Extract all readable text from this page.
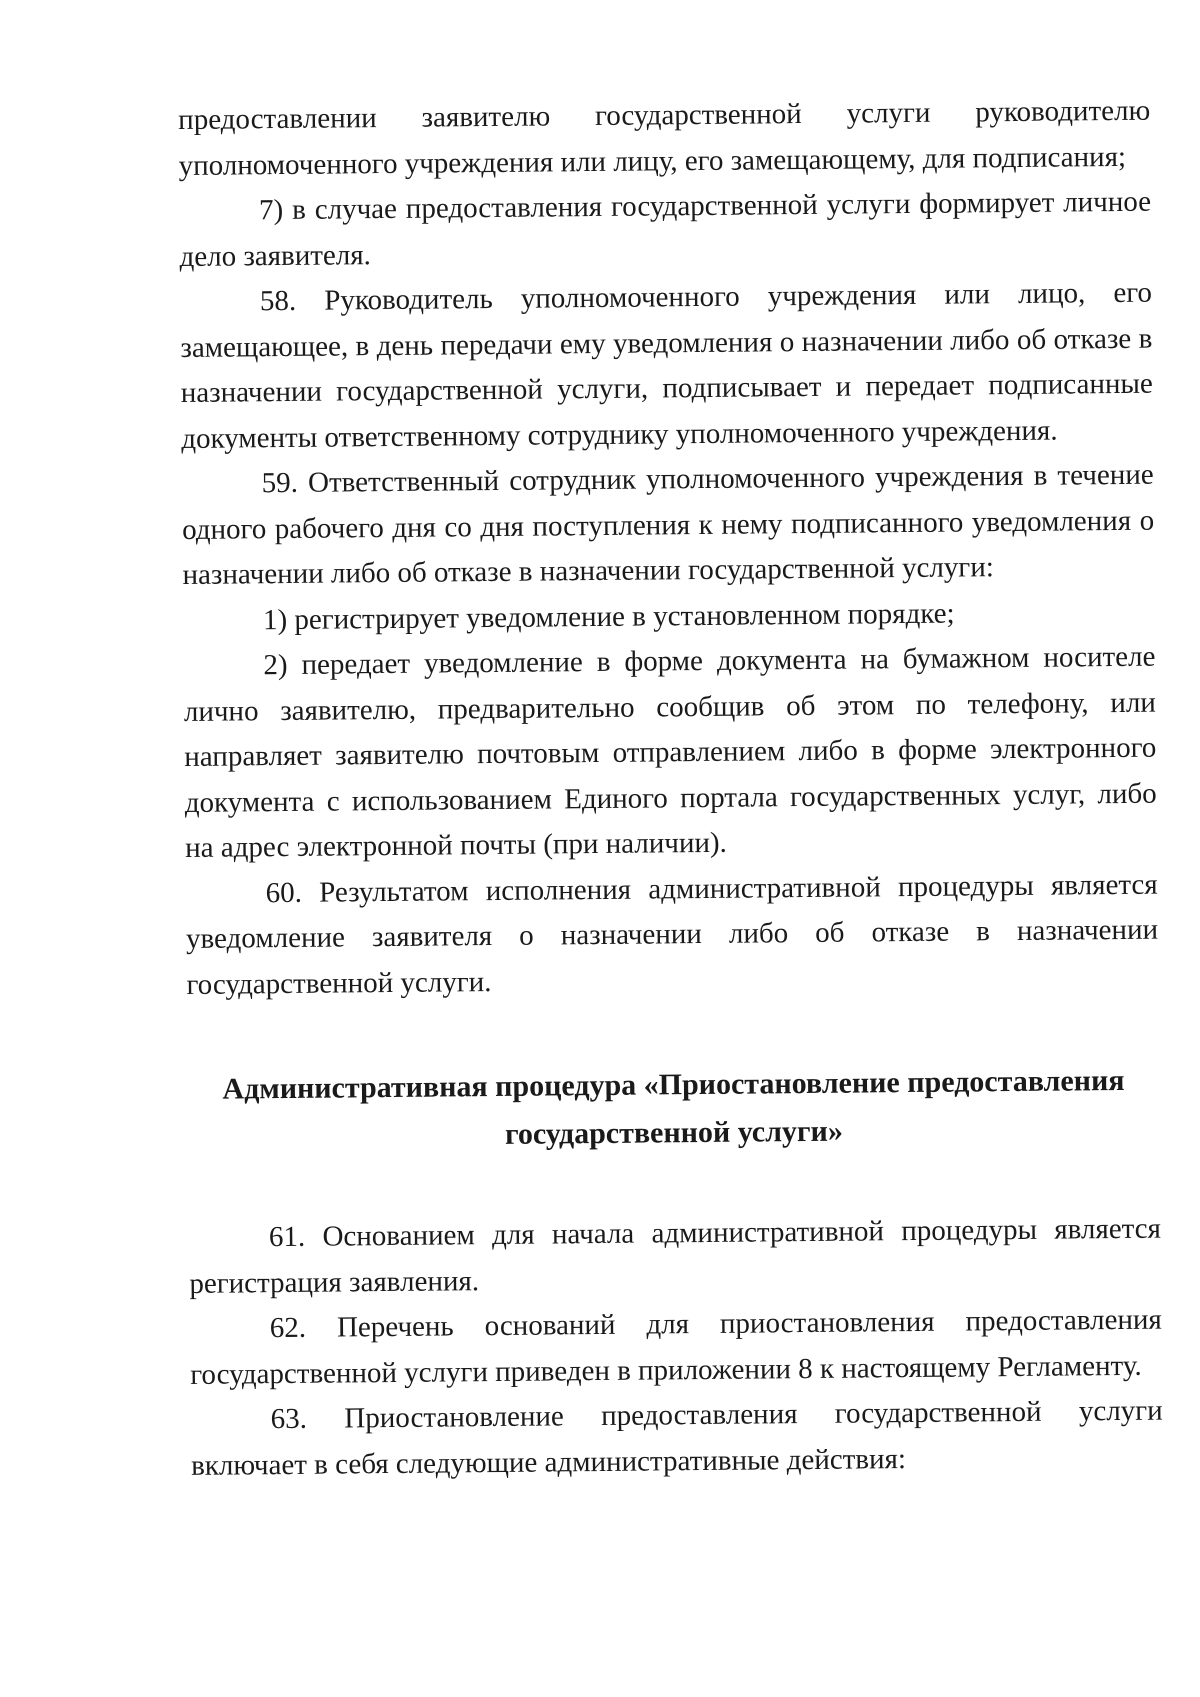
предоставлении заявителю государственной услуги руководителю уполномоченного учреждения или лицу, его замещающему, для подписания;

7) в случае предоставления государственной услуги формирует личное дело заявителя.

58. Руководитель уполномоченного учреждения или лицо, его замещающее, в день передачи ему уведомления о назначении либо об отказе в назначении государственной услуги, подписывает и передает подписанные документы ответственному сотруднику уполномоченного учреждения.

59. Ответственный сотрудник уполномоченного учреждения в течение одного рабочего дня со дня поступления к нему подписанного уведомления о назначении либо об отказе в назначении государственной услуги:

1) регистрирует уведомление в установленном порядке;

2) передает уведомление в форме документа на бумажном носителе лично заявителю, предварительно сообщив об этом по телефону, или направляет заявителю почтовым отправлением либо в форме электронного документа с использованием Единого портала государственных услуг, либо на адрес электронной почты (при наличии).

60. Результатом исполнения административной процедуры является уведомление заявителя о назначении либо об отказе в назначении государственной услуги.

Административная процедура «Приостановление предоставления государственной услуги»

61. Основанием для начала административной процедуры является регистрация заявления.

62. Перечень оснований для приостановления предоставления государственной услуги приведен в приложении 8 к настоящему Регламенту.

63. Приостановление предоставления государственной услуги включает в себя следующие административные действия:
